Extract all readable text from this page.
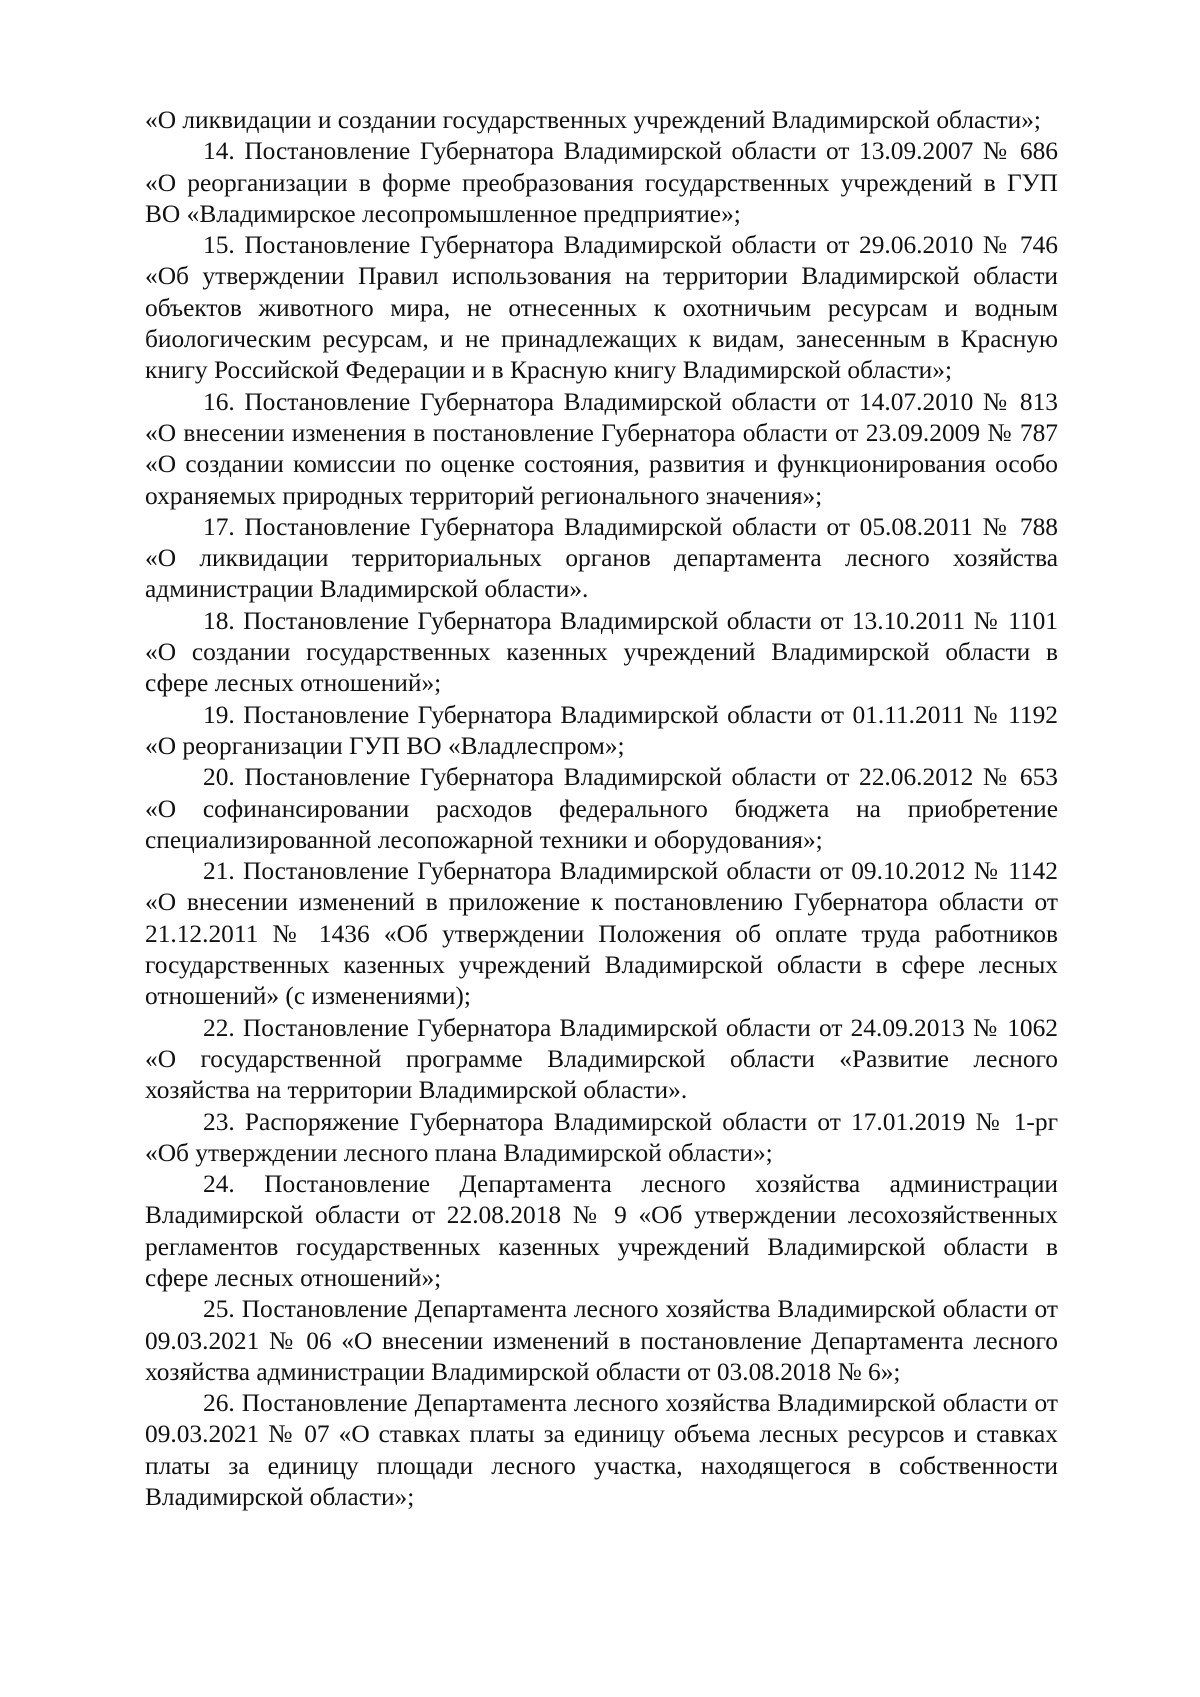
«О ликвидации и создании государственных учреждений Владимирской области»;

14. Постановление Губернатора Владимирской области от 13.09.2007 № 686 «О реорганизации в форме преобразования государственных учреждений в ГУП ВО «Владимирское лесопромышленное предприятие»;

15. Постановление Губернатора Владимирской области от 29.06.2010 № 746 «Об утверждении Правил использования на территории Владимирской области объектов животного мира, не отнесенных к охотничьим ресурсам и водным биологическим ресурсам, и не принадлежащих к видам, занесенным в Красную книгу Российской Федерации и в Красную книгу Владимирской области»;

16. Постановление Губернатора Владимирской области от 14.07.2010 № 813 «О внесении изменения в постановление Губернатора области от 23.09.2009 № 787 «О создании комиссии по оценке состояния, развития и функционирования особо охраняемых природных территорий регионального значения»;

17. Постановление Губернатора Владимирской области от 05.08.2011 № 788 «О ликвидации территориальных органов департамента лесного хозяйства администрации Владимирской области».

18. Постановление Губернатора Владимирской области от 13.10.2011 № 1101 «О создании государственных казенных учреждений Владимирской области в сфере лесных отношений»;

19. Постановление Губернатора Владимирской области от 01.11.2011 № 1192 «О реорганизации ГУП ВО «Владлеспром»;

20. Постановление Губернатора Владимирской области от 22.06.2012 № 653 «О софинансировании расходов федерального бюджета на приобретение специализированной лесопожарной техники и оборудования»;

21. Постановление Губернатора Владимирской области от 09.10.2012 № 1142 «О внесении изменений в приложение к постановлению Губернатора области от 21.12.2011 № 1436 «Об утверждении Положения об оплате труда работников государственных казенных учреждений Владимирской области в сфере лесных отношений» (с изменениями);

22. Постановление Губернатора Владимирской области от 24.09.2013 № 1062 «О государственной программе Владимирской области «Развитие лесного хозяйства на территории Владимирской области».

23. Распоряжение Губернатора Владимирской области от 17.01.2019 № 1-рг «Об утверждении лесного плана Владимирской области»;

24. Постановление Департамента лесного хозяйства администрации Владимирской области от 22.08.2018 № 9 «Об утверждении лесохозяйственных регламентов государственных казенных учреждений Владимирской области в сфере лесных отношений»;

25. Постановление Департамента лесного хозяйства Владимирской области от 09.03.2021 № 06 «О внесении изменений в постановление Департамента лесного хозяйства администрации Владимирской области от 03.08.2018 № 6»;

26. Постановление Департамента лесного хозяйства Владимирской области от 09.03.2021 № 07 «О ставках платы за единицу объема лесных ресурсов и ставках платы за единицу площади лесного участка, находящегося в собственности Владимирской области»;
